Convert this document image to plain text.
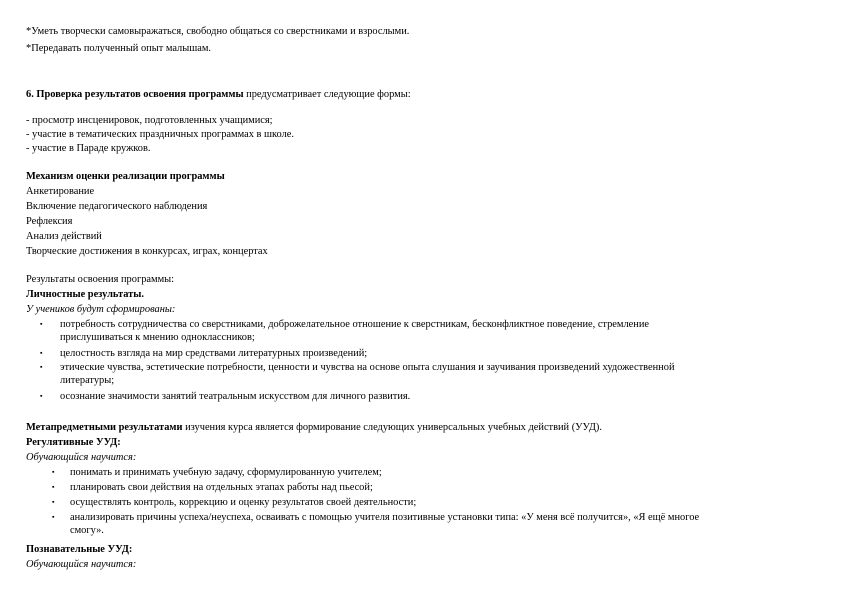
*Уметь творчески самовыражаться, свободно общаться со сверстниками и взрослыми.
*Передавать полученный опыт малышам.
6. Проверка результатов освоения программы предусматривает следующие формы:
- просмотр инсценировок, подготовленных учащимися;
- участие в тематических праздничных программах в школе.
- участие в Параде кружков.
Механизм оценки реализации программы
Анкетирование
Включение педагогического наблюдения
Рефлексия
Анализ действий
Творческие достижения в конкурсах, играх, концертах
Результаты освоения программы:
Личностные результаты.
У учеников будут сформированы:
▪ потребность сотрудничества со сверстниками, доброжелательное отношение к сверстникам, бесконфликтное поведение, стремление
прислушиваться к мнению одноклассников;
▪ целостность взгляда на мир средствами литературных произведений;
▪ этические чувства, эстетические потребности, ценности и чувства на основе опыта слушания и заучивания произведений художественной
литературы;
▪ осознание значимости занятий театральным искусством для личного развития.
Метапредметными результатами изучения курса является формирование следующих универсальных учебных действий (УУД).
Регулятивные УУД:
Обучающийся научится:
▪ понимать и принимать учебную задачу, сформулированную учителем;
▪ планировать свои действия на отдельных этапах работы над пьесой;
▪ осуществлять контроль, коррекцию и оценку результатов своей деятельности;
▪ анализировать причины успеха/неуспеха, осваивать с помощью учителя позитивные установки типа: «У меня всё получится», «Я ещё многое
смогу».
Познавательные УУД:
Обучающийся научится:
